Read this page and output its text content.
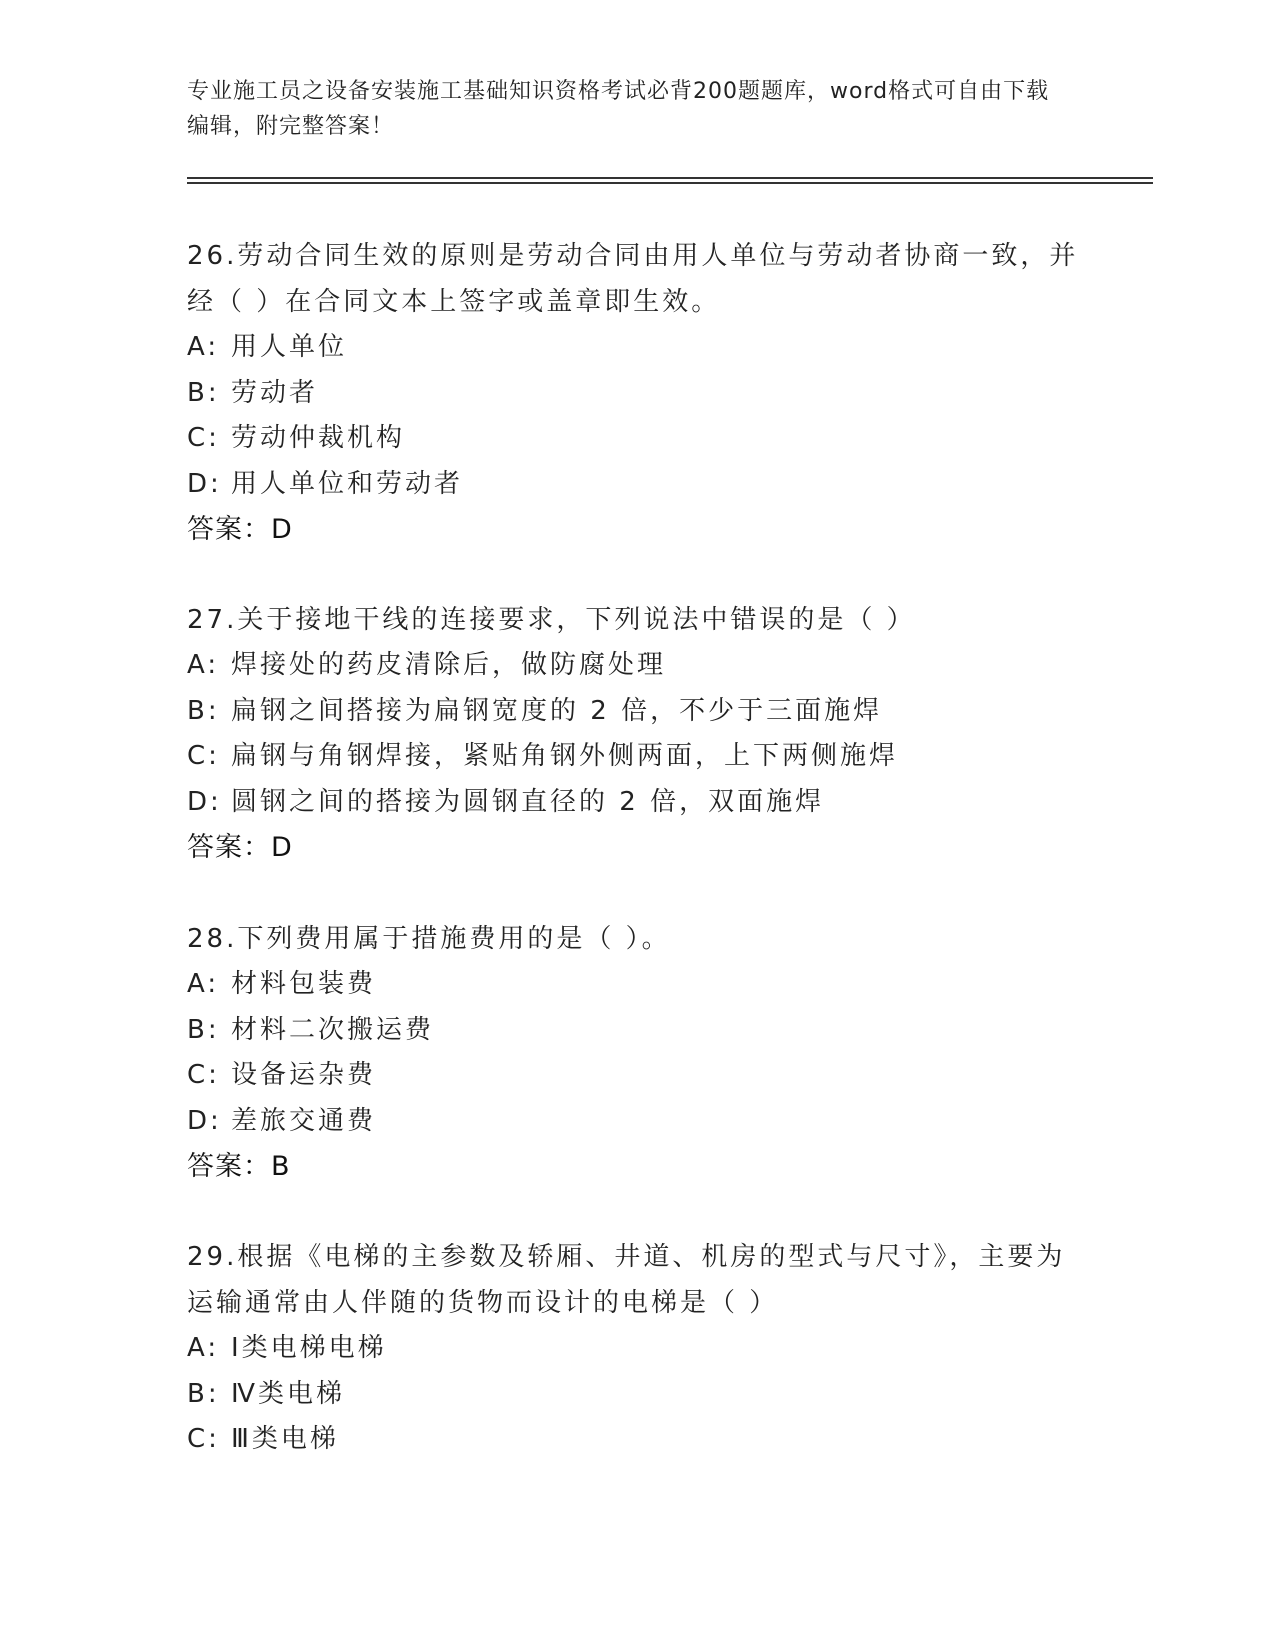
专业施工员之设备安装施工基础知识资格考试必背200题题库，word格式可自由下载编辑，附完整答案！

26.劳动合同生效的原则是劳动合同由用人单位与劳动者协商一致，并经（ ）在合同文本上签字或盖章即生效。

A: 用人单位
B: 劳动者
C: 劳动仲裁机构
D: 用人单位和劳动者

答案：D

27.关于接地干线的连接要求，下列说法中错误的是（ ）

A: 焊接处的药皮清除后，做防腐处理
B: 扁钢之间搭接为扁钢宽度的 2 倍，不少于三面施焊
C: 扁钢与角钢焊接，紧贴角钢外侧两面，上下两侧施焊
D: 圆钢之间的搭接为圆钢直径的 2 倍，双面施焊

答案：D

28.下列费用属于措施费用的是（ ）。

A: 材料包装费
B: 材料二次搬运费
C: 设备运杂费
D: 差旅交通费

答案：B

29.根据《电梯的主参数及轿厢、井道、机房的型式与尺寸》，主要为运输通常由人伴随的货物而设计的电梯是（ ）

A: Ⅰ类电梯电梯
B: Ⅳ类电梯
C: Ⅲ类电梯
